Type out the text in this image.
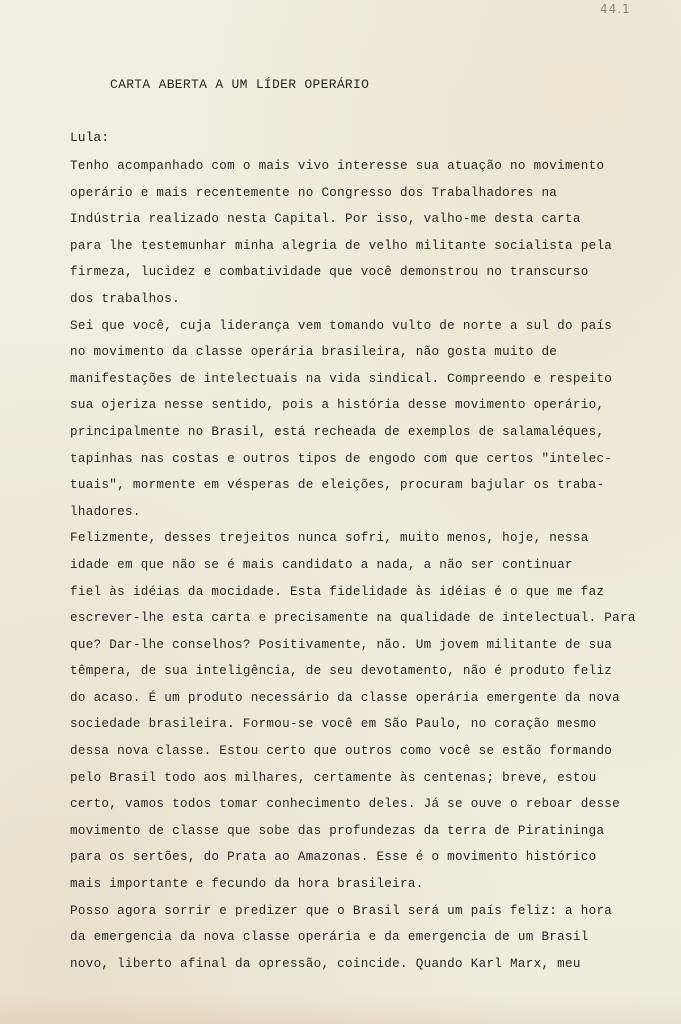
44.1
CARTA ABERTA A UM LÍDER OPERÁRIO

Lula:

Tenho acompanhado com o mais vivo interesse sua atuação no movimento
operário e mais recentemente no Congresso dos Trabalhadores na
Indústria realizado nesta Capital. Por isso, valho-me desta carta
para lhe testemunhar minha alegria de velho militante socialista pela
firmeza, lucidez e combatividade que você demonstrou no transcurso
dos trabalhos.
Sei que você, cuja liderança vem tomando vulto de norte a sul do país
no movimento da classe operária brasileira, não gosta muito de
manifestações de intelectuais na vida sindical. Compreendo e respeito
sua ojeriza nesse sentido, pois a história desse movimento operário,
principalmente no Brasil, está recheada de exemplos de salamaléques,
tapinhas nas costas e outros tipos de engodo com que certos "intelec-
tuais", mormente em vésperas de eleições, procuram bajular os traba-
lhadores.
Felizmente, desses trejeitos nunca sofri, muito menos, hoje, nessa
idade em que não se é mais candidato a nada, a não ser continuar
fiel às idéias da mocidade. Esta fidelidade às idéias é o que me faz
escrever-lhe esta carta e precisamente na qualidade de intelectual. Para
que? Dar-lhe conselhos? Positivamente, não. Um jovem militante de sua
têmpera, de sua inteligência, de seu devotamento, não é produto feliz
do acaso. É um produto necessário da classe operária emergente da nova
sociedade brasileira. Formou-se você em São Paulo, no coração mesmo
dessa nova classe. Estou certo que outros como você se estão formando
pelo Brasil todo aos milhares, certamente às centenas; breve, estou
certo, vamos todos tomar conhecimento deles. Já se ouve o reboar desse
movimento de classe que sobe das profundezas da terra de Piratininga
para os sertões, do Prata ao Amazonas. Esse é o movimento histórico
mais importante e fecundo da hora brasileira.
Posso agora sorrir e predizer que o Brasil será um país feliz: a hora
da emergencia da nova classe operária e da emergencia de um Brasil
novo, liberto afinal da opressão, coincide. Quando Karl Marx, meu
